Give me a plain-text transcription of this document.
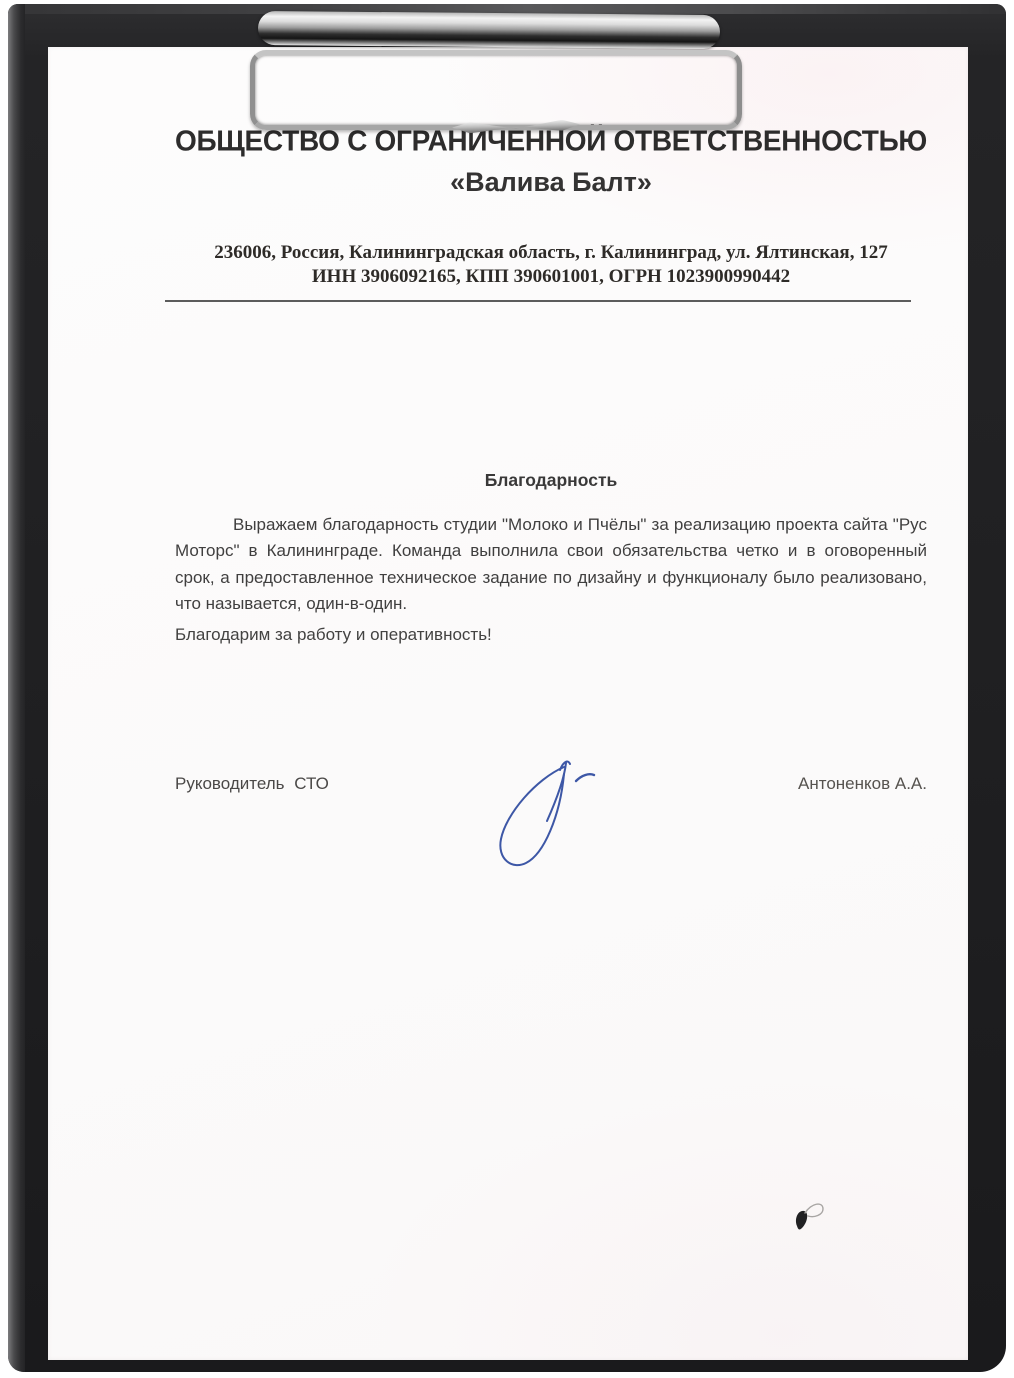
ОБЩЕСТВО С ОГРАНИЧЕННОЙ ОТВЕТСТВЕННОСТЬЮ
«Валива Балт»
236006, Россия, Калининградская область, г. Калининград, ул. Ялтинская, 127
ИНН 3906092165, КПП 390601001, ОГРН 1023900990442
Благодарность
Выражаем благодарность студии "Молоко и Пчёлы" за реализацию проекта сайта "Рус Моторс" в Калининграде. Команда выполнила свои обязательства четко и в оговоренный срок, а предоставленное техническое задание по дизайну и функционалу было реализовано, что называется, один-в-один.
Благодарим за работу и оперативность!
Руководитель СТО	Антоненков А.А.
